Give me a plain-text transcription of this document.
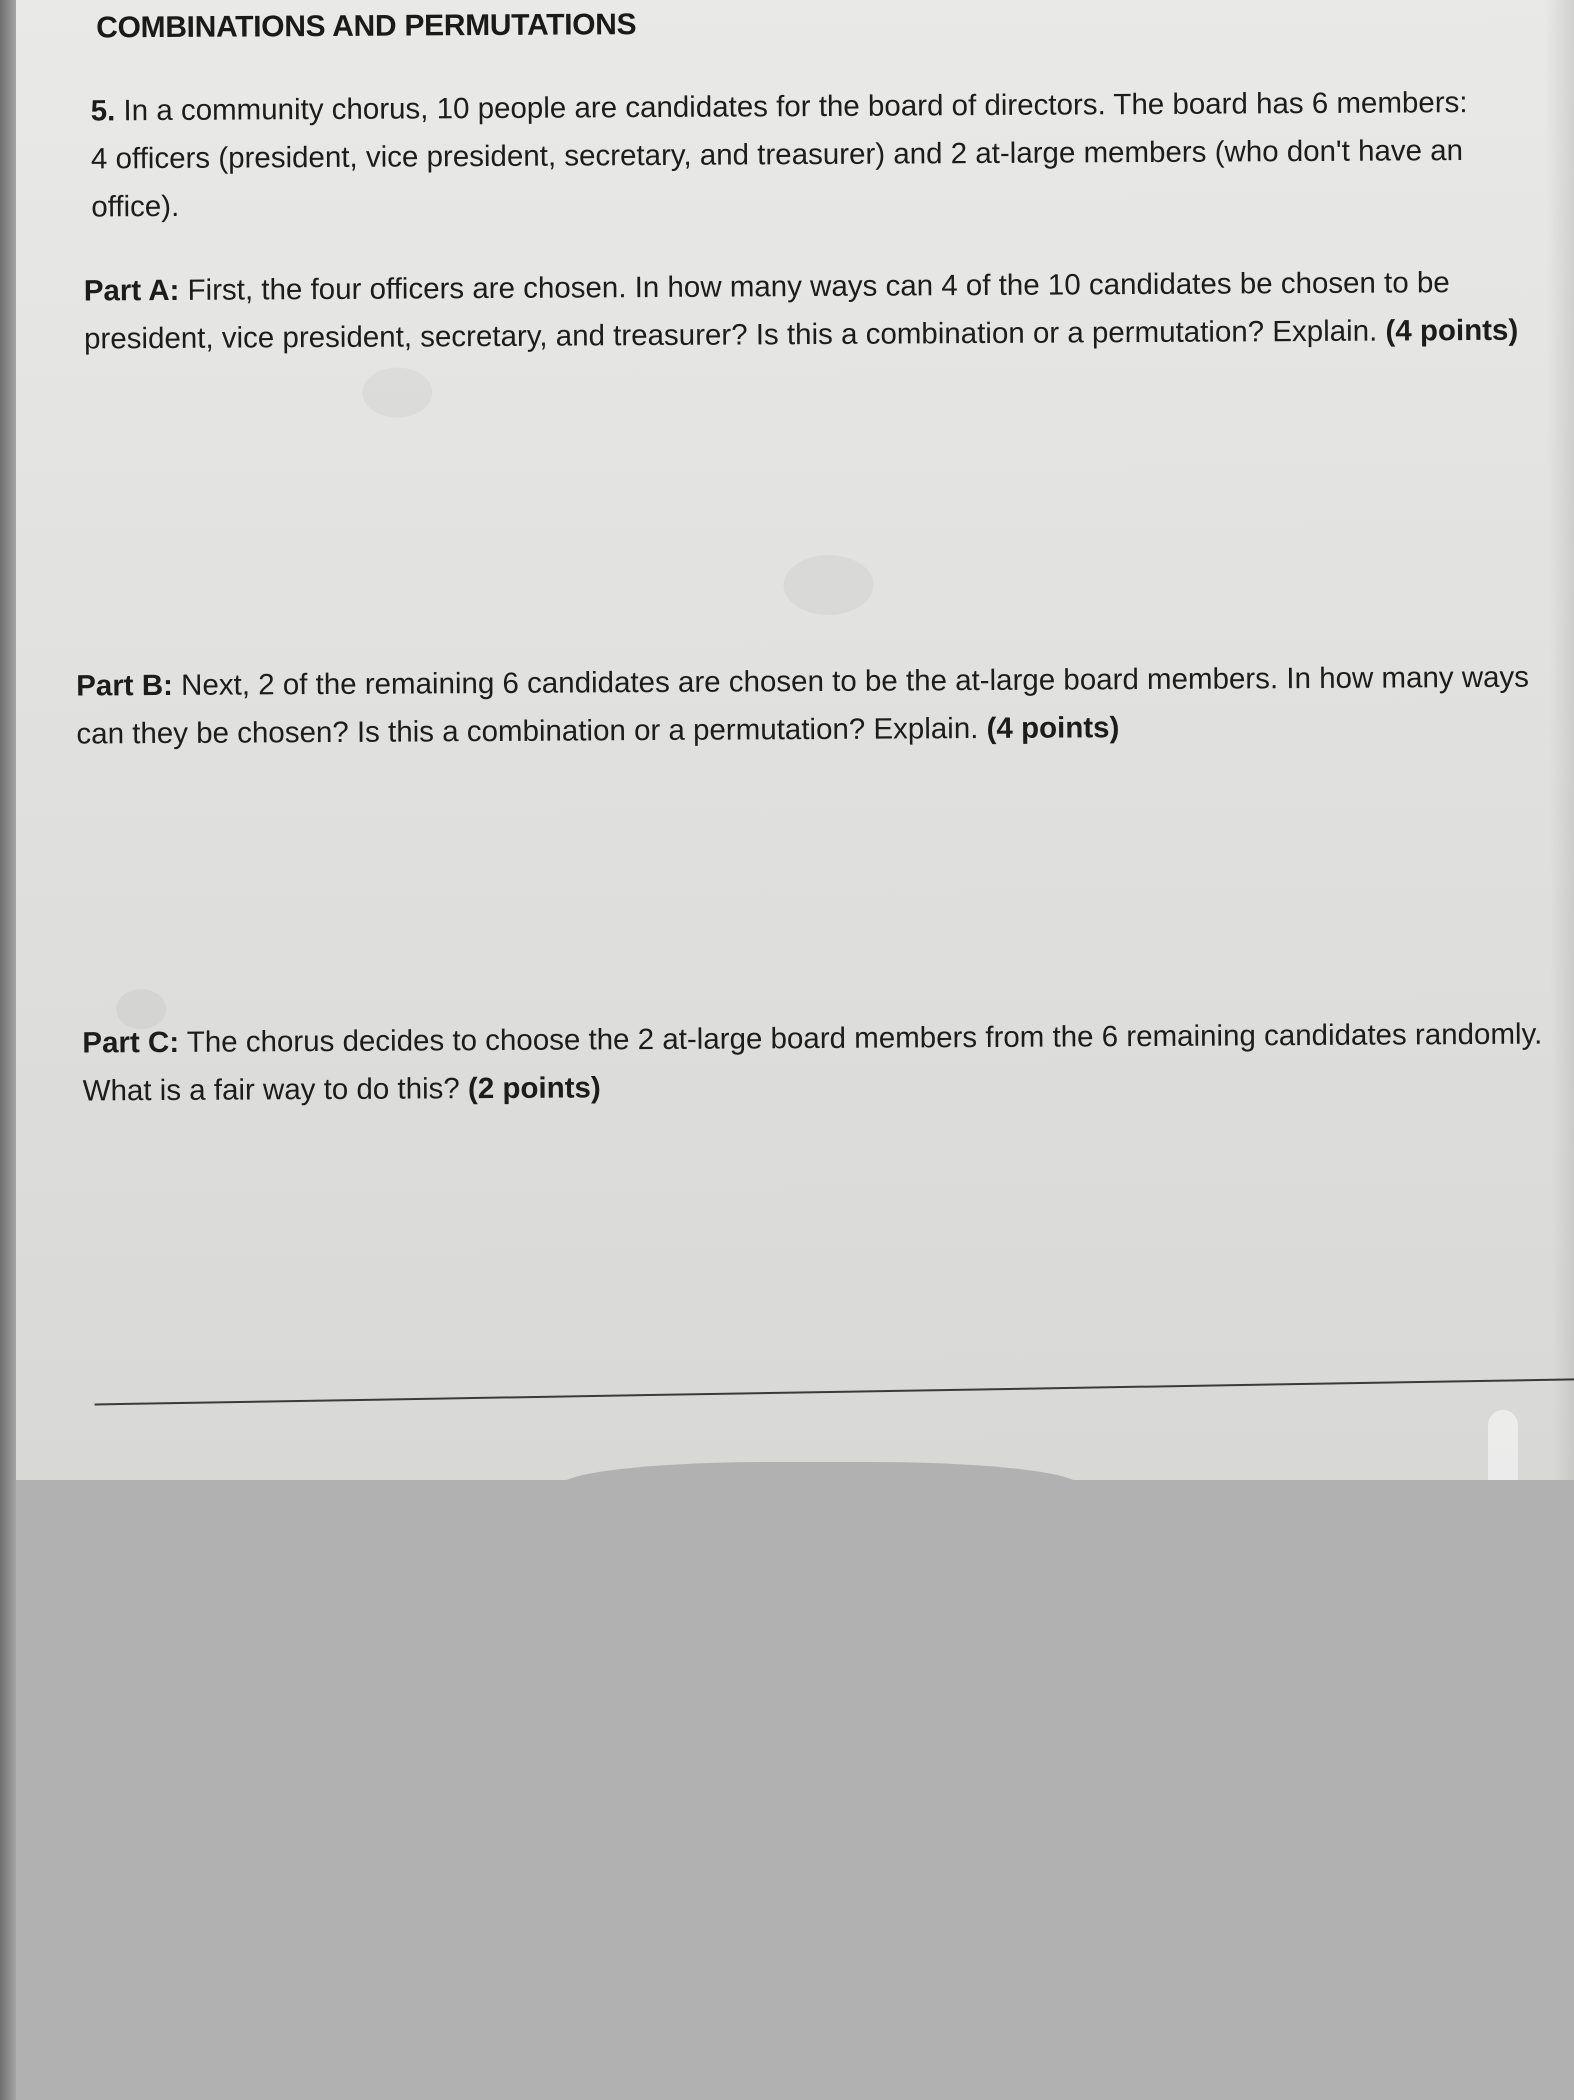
COMBINATIONS AND PERMUTATIONS

5. In a community chorus, 10 people are candidates for the board of directors. The board has 6 members: 4 officers (president, vice president, secretary, and treasurer) and 2 at-large members (who don't have an office).

Part A: First, the four officers are chosen. In how many ways can 4 of the 10 candidates be chosen to be president, vice president, secretary, and treasurer? Is this a combination or a permutation? Explain. (4 points)

Part B: Next, 2 of the remaining 6 candidates are chosen to be the at-large board members. In how many ways can they be chosen? Is this a combination or a permutation? Explain. (4 points)

Part C: The chorus decides to choose the 2 at-large board members from the 6 remaining candidates randomly. What is a fair way to do this? (2 points)
